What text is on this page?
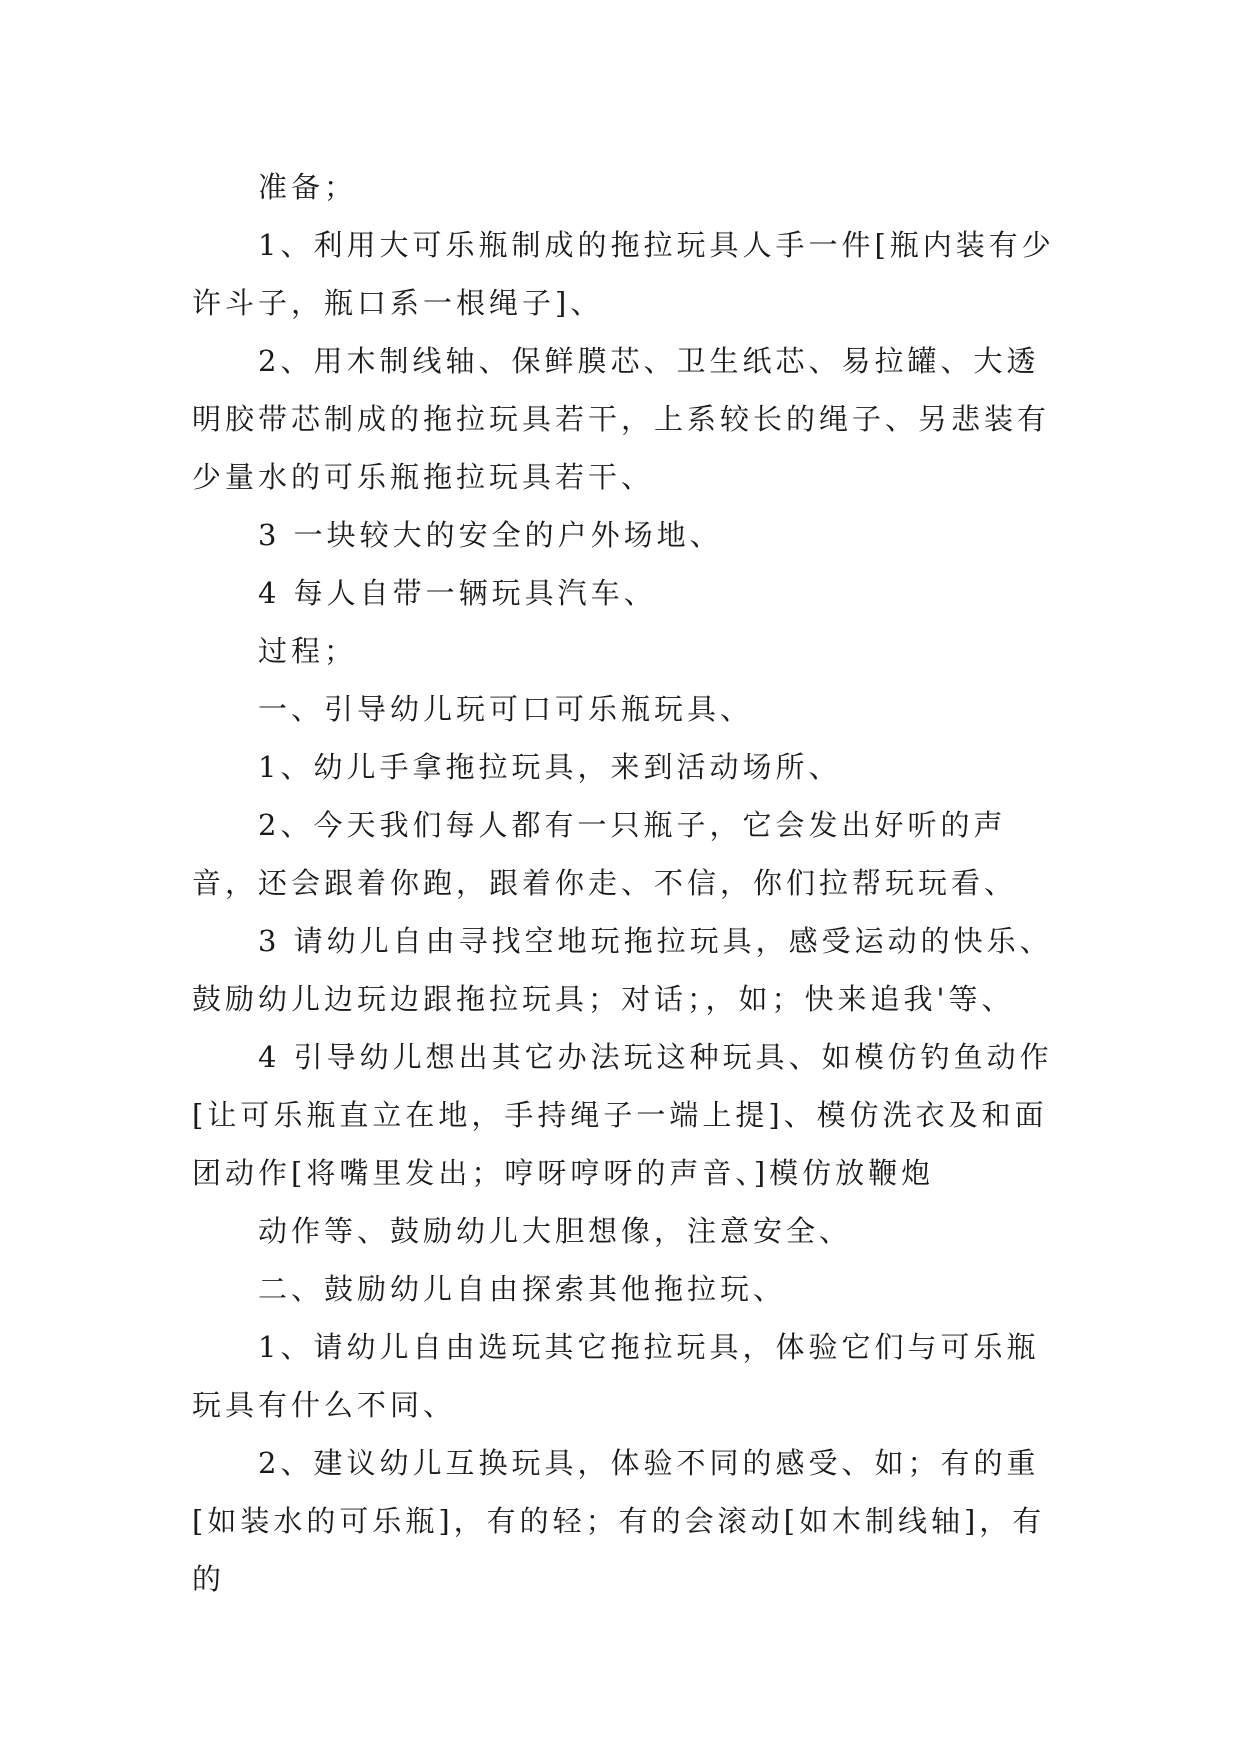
准备；

1、利用大可乐瓶制成的拖拉玩具人手一件[瓶内装有少许斗子，瓶口系一根绳子]、

2、用木制线轴、保鲜膜芯、卫生纸芯、易拉罐、大透明胶带芯制成的拖拉玩具若干，上系较长的绳子、另悲装有少量水的可乐瓶拖拉玩具若干、

3 一块较大的安全的户外场地、

4 每人自带一辆玩具汽车、

过程；

一、引导幼儿玩可口可乐瓶玩具、

1、幼儿手拿拖拉玩具，来到活动场所、

2、今天我们每人都有一只瓶子，它会发出好听的声音，还会跟着你跑，跟着你走、不信，你们拉帮玩玩看、

3 请幼儿自由寻找空地玩拖拉玩具，感受运动的快乐、鼓励幼儿边玩边跟拖拉玩具；对话；，如；快来追我'等、

4 引导幼儿想出其它办法玩这种玩具、如模仿钓鱼动作[让可乐瓶直立在地，手持绳子一端上提]、模仿洗衣及和面团动作[将嘴里发出；哼呀哼呀的声音、]模仿放鞭炮

动作等、鼓励幼儿大胆想像，注意安全、

二、鼓励幼儿自由探索其他拖拉玩、

1、请幼儿自由选玩其它拖拉玩具，体验它们与可乐瓶玩具有什么不同、

2、建议幼儿互换玩具，体验不同的感受、如；有的重[如装水的可乐瓶]，有的轻；有的会滚动[如木制线轴]，有的
